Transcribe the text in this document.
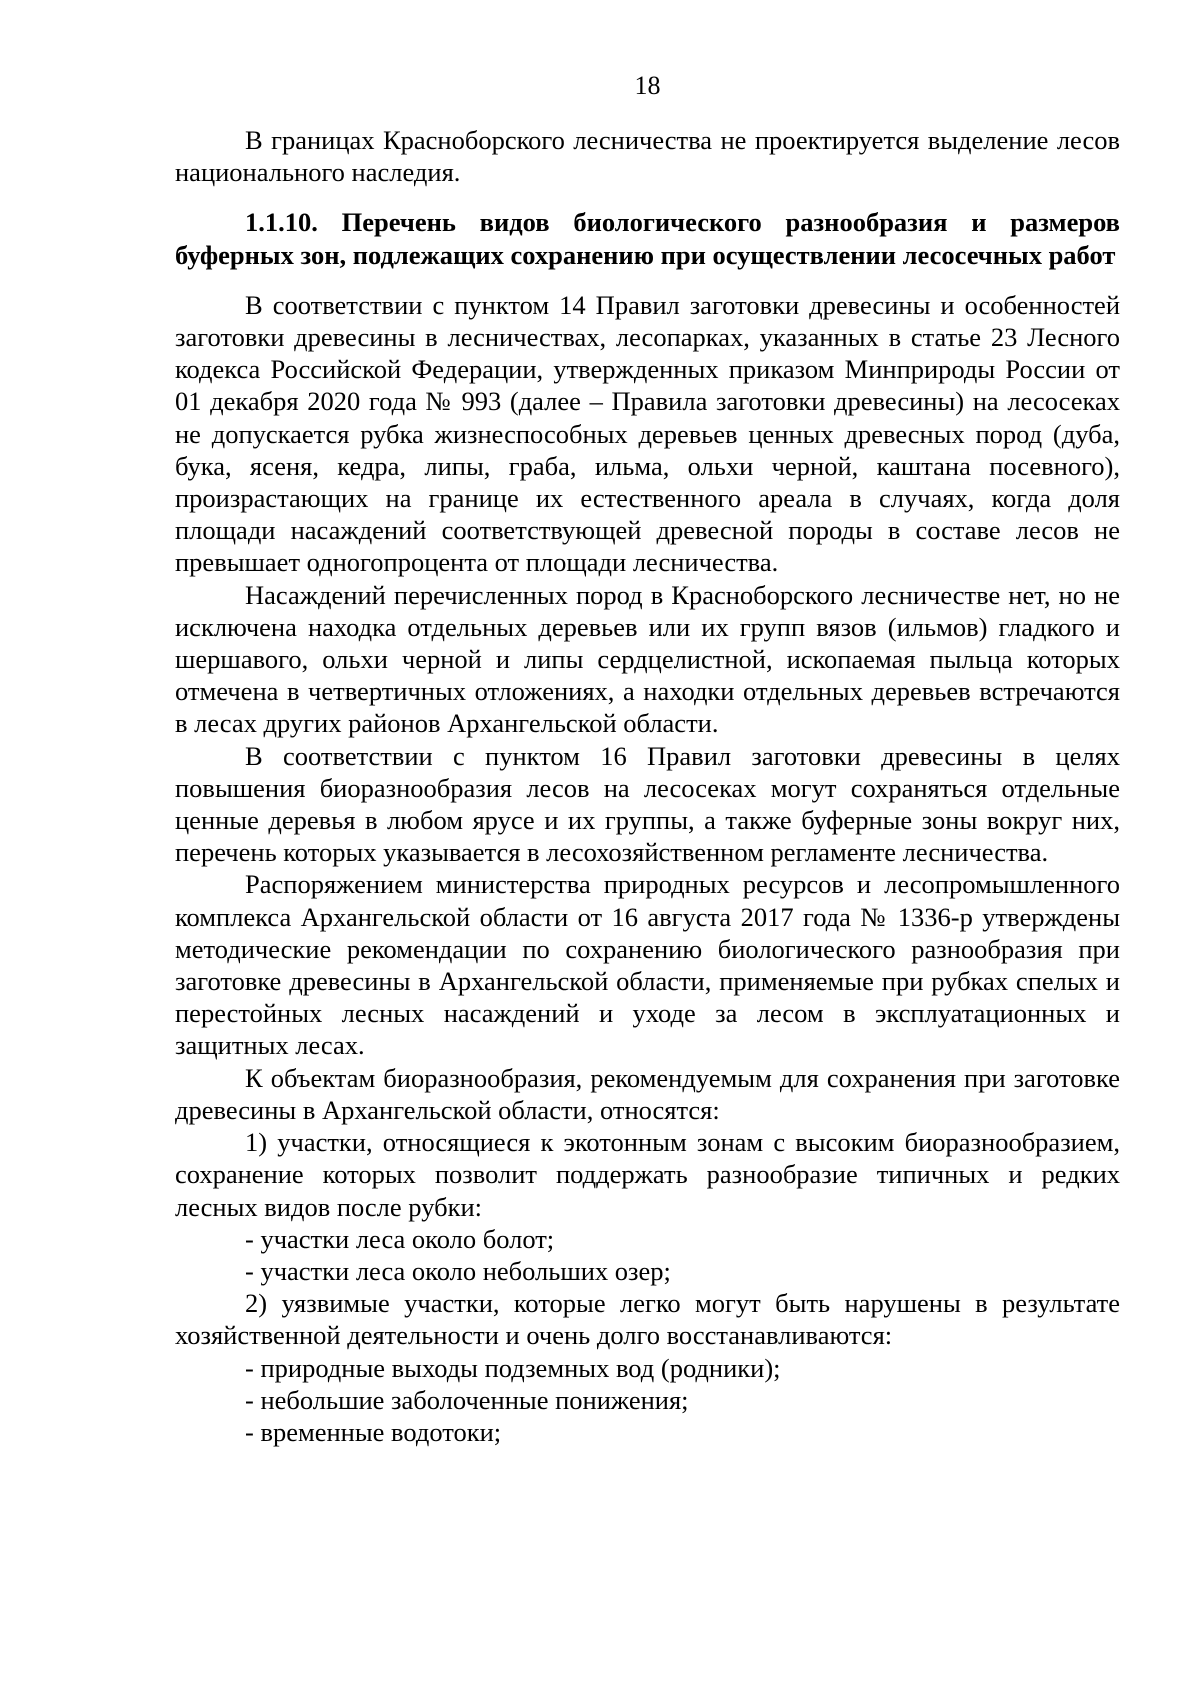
18

В границах Красноборского лесничества не проектируется выделение лесов национального наследия.

1.1.10. Перечень видов биологического разнообразия и размеров буферных зон, подлежащих сохранению при осуществлении лесосечных работ

В соответствии с пунктом 14 Правил заготовки древесины и особенностей заготовки древесины в лесничествах, лесопарках, указанных в статье 23 Лесного кодекса Российской Федерации, утвержденных приказом Минприроды России от 01 декабря 2020 года № 993 (далее – Правила заготовки древесины) на лесосеках не допускается рубка жизнеспособных деревьев ценных древесных пород (дуба, бука, ясеня, кедра, липы, граба, ильма, ольхи черной, каштана посевного), произрастающих на границе их естественного ареала в случаях, когда доля площади насаждений соответствующей древесной породы в составе лесов не превышает одногопроцента от площади лесничества.

Насаждений перечисленных пород в Красноборского лесничестве нет, но не исключена находка отдельных деревьев или их групп вязов (ильмов) гладкого и шершавого, ольхи черной и липы сердцелистной, ископаемая пыльца которых отмечена в четвертичных отложениях, а находки отдельных деревьев встречаются в лесах других районов Архангельской области.

В соответствии с пунктом 16 Правил заготовки древесины в целях повышения биоразнообразия лесов на лесосеках могут сохраняться отдельные ценные деревья в любом ярусе и их группы, а также буферные зоны вокруг них, перечень которых указывается в лесохозяйственном регламенте лесничества.

Распоряжением министерства природных ресурсов и лесопромышленного комплекса Архангельской области от 16 августа 2017 года № 1336-р утверждены методические рекомендации по сохранению биологического разнообразия при заготовке древесины в Архангельской области, применяемые при рубках спелых и перестойных лесных насаждений и уходе за лесом в эксплуатационных и защитных лесах.

К объектам биоразнообразия, рекомендуемым для сохранения при заготовке древесины в Архангельской области, относятся:

1) участки, относящиеся к экотонным зонам с высоким биоразнообразием, сохранение которых позволит поддержать разнообразие типичных и редких лесных видов после рубки:

- участки леса около болот;

- участки леса около небольших озер;

2) уязвимые участки, которые легко могут быть нарушены в результате хозяйственной деятельности и очень долго восстанавливаются:

- природные выходы подземных вод (родники);

- небольшие заболоченные понижения;

- временные водотоки;
